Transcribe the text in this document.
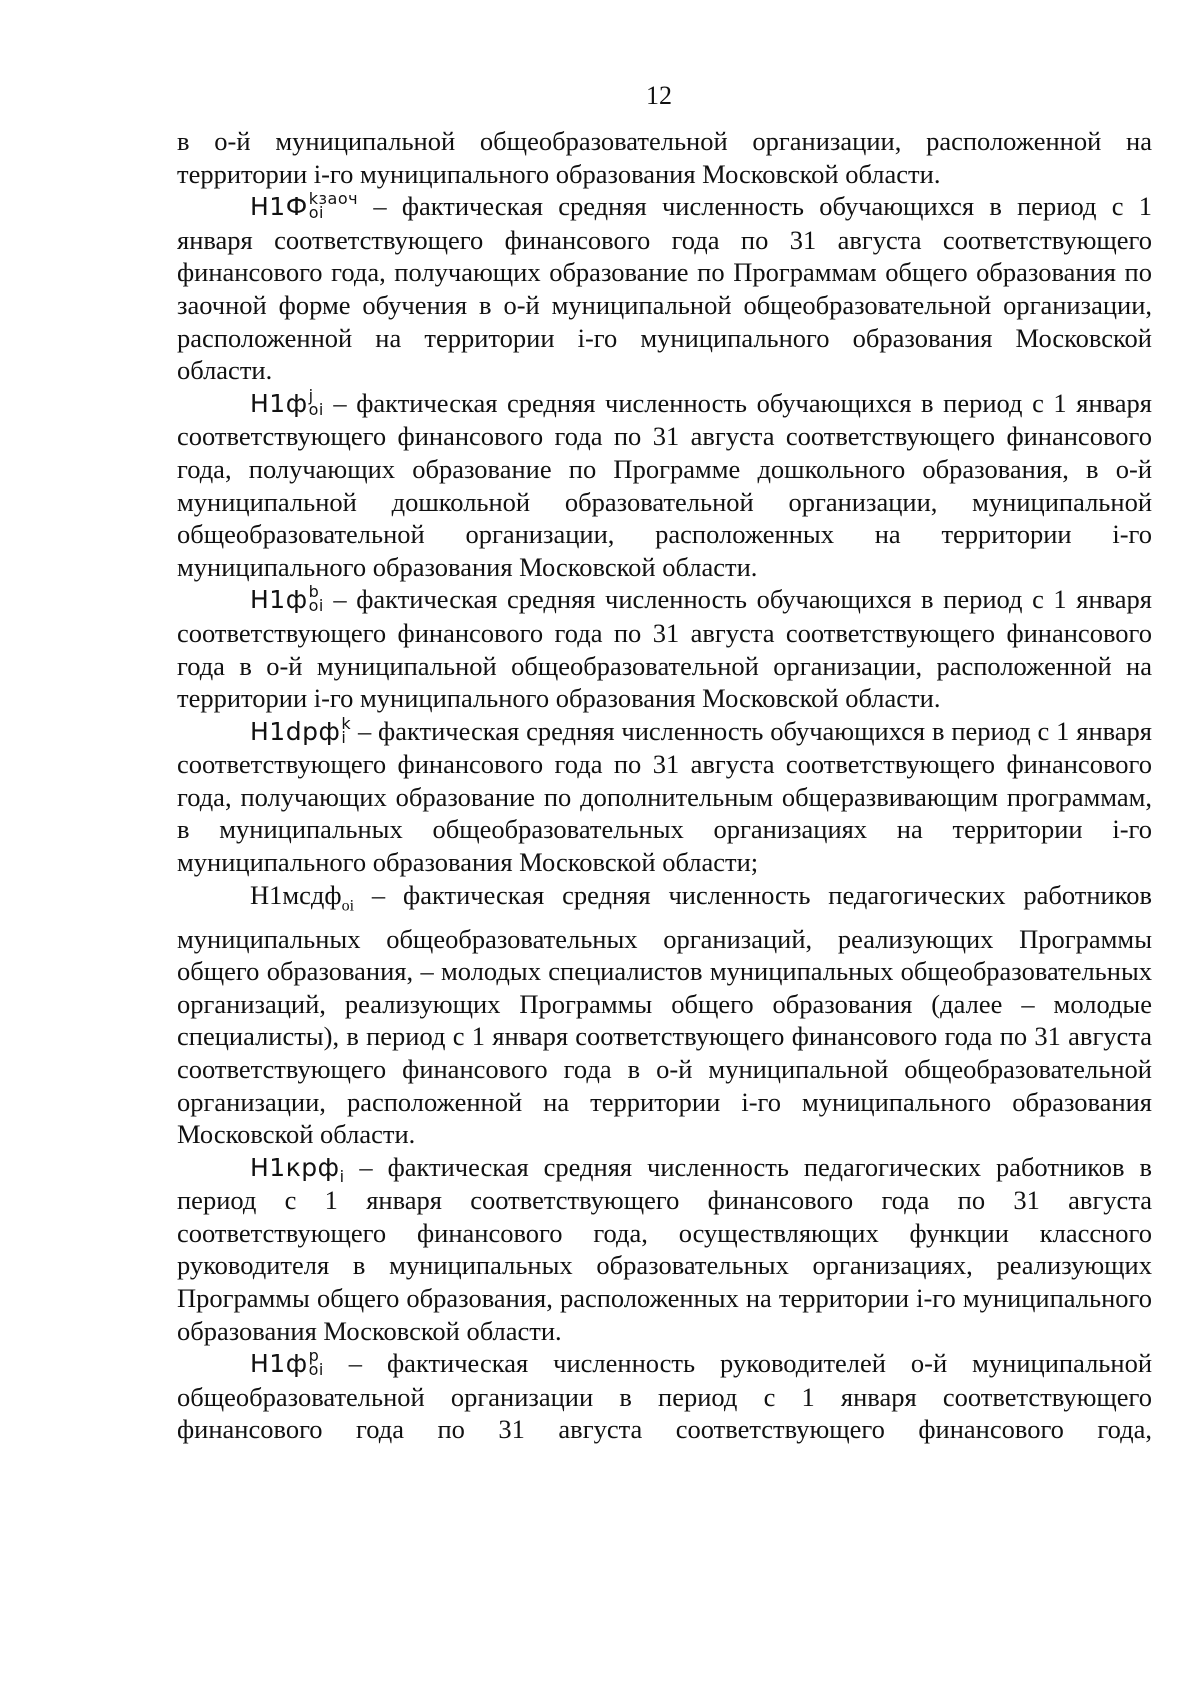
12

в о-й муниципальной общеобразовательной организации, расположенной на территории i-го муниципального образования Московской области.

Н1Ф kзаоч
oi	– фактическая средняя численность обучающихся в период с 1 января соответствующего финансового года по 31 августа соответствующего финансового года, получающих образование по Программам общего образования по заочной форме обучения в о-й муниципальной общеобразовательной организации, расположенной на территории i-го муниципального образования Московской области.

Н1ф j
oi – фактическая средняя численность обучающихся в период с 1 января соответствующего финансового года по 31 августа соответствующего финансового года, получающих образование по Программе дошкольного образования, в о-й муниципальной дошкольной образовательной организации, муниципальной общеобразовательной организации, расположенных на территории i-го муниципального образования Московской области.

Н1ф b
oi – фактическая средняя численность обучающихся в период с 1 января соответствующего финансового года по 31 августа соответствующего финансового года в о-й муниципальной общеобразовательной организации, расположенной на территории i-го муниципального образования Московской области.

Н1dрф k
i – фактическая средняя численность обучающихся в период с 1 января соответствующего финансового года по 31 августа соответствующего финансового года, получающих образование по дополнительным общеразвивающим программам, в муниципальных общеобразовательных организациях на территории i-го муниципального образования Московской области;

Н1мсдф$_{oi}$ – фактическая средняя численность педагогических работников муниципальных общеобразовательных организаций, реализующих Программы общего образования, – молодых специалистов муниципальных общеобразовательных организаций, реализующих Программы общего образования (далее – молодые специалисты), в период с 1 января соответствующего финансового года по 31 августа соответствующего финансового года в о-й муниципальной общеобразовательной организации, расположенной на территории i-го муниципального образования Московской области.

Н1крф$_i$ – фактическая средняя численность педагогических работников в период с 1 января соответствующего финансового года по 31 августа соответствующего финансового года, осуществляющих функции классного руководителя в муниципальных образовательных организациях, реализующих Программы общего образования, расположенных на территории i-го муниципального образования Московской области.

Н1ф p
oi – фактическая численность руководителей о-й муниципальной общеобразовательной организации в период с 1 января соответствующего финансового года по 31 августа соответствующего финансового года,
